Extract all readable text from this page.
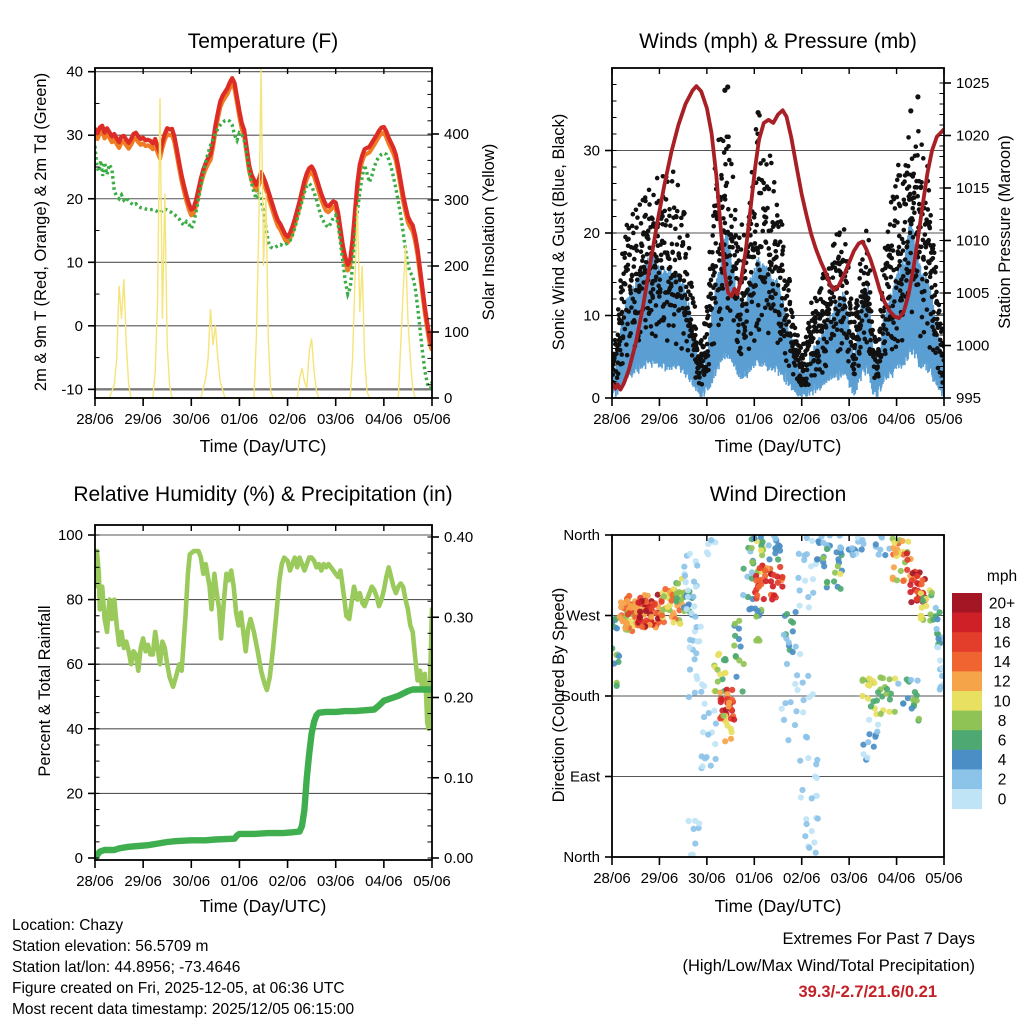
28/06 29/06 30/06 01/06 02/06 03/06 04/06 05/06
-10
0
10
20
30
40
0
100
200
300
400
28/06 29/06 30/06 01/06 02/06 03/06 04/06 05/06
0
10
20
30
995
1000
1005
1010
1015
1020
1025
28/06 29/06 30/06 01/06 02/06 03/06 04/06 05/06
0
20
40
60
80
100
0.00
0.10
0.20
0.30
0.40
28/06 29/06 30/06 01/06 02/06 03/06 04/06 05/06
North
West
South
East
North
20+
18
16
14
12
10
8
6
4
2
0
Temperature (F)	Winds (mph) & Pressure (mb)
Relative Humidity (%) & Precipitation (in)	Wind Direction
Time (Day/UTC)	Time (Day/UTC)
Time (Day/UTC)	Time (Day/UTC)
2m & 9m T (Red, Orange) & 2m Td (Green)	Solar Insolation (Yellow)	Sonic Wind & Gust (Blue, Black)	Station Pressure (Maroon)
Percent & Total Rainfall	Direction (Colored By Speed)
mph
Location: Chazy
Station elevation: 56.5709 m
Station lat/lon: 44.8956; -73.4646
Figure created on Fri, 2025-12-05, at 06:36 UTC
Most recent data timestamp: 2025/12/05 06:15:00
Extremes For Past 7 Days
(High/Low/Max Wind/Total Precipitation)
39.3/-2.7/21.6/0.21
